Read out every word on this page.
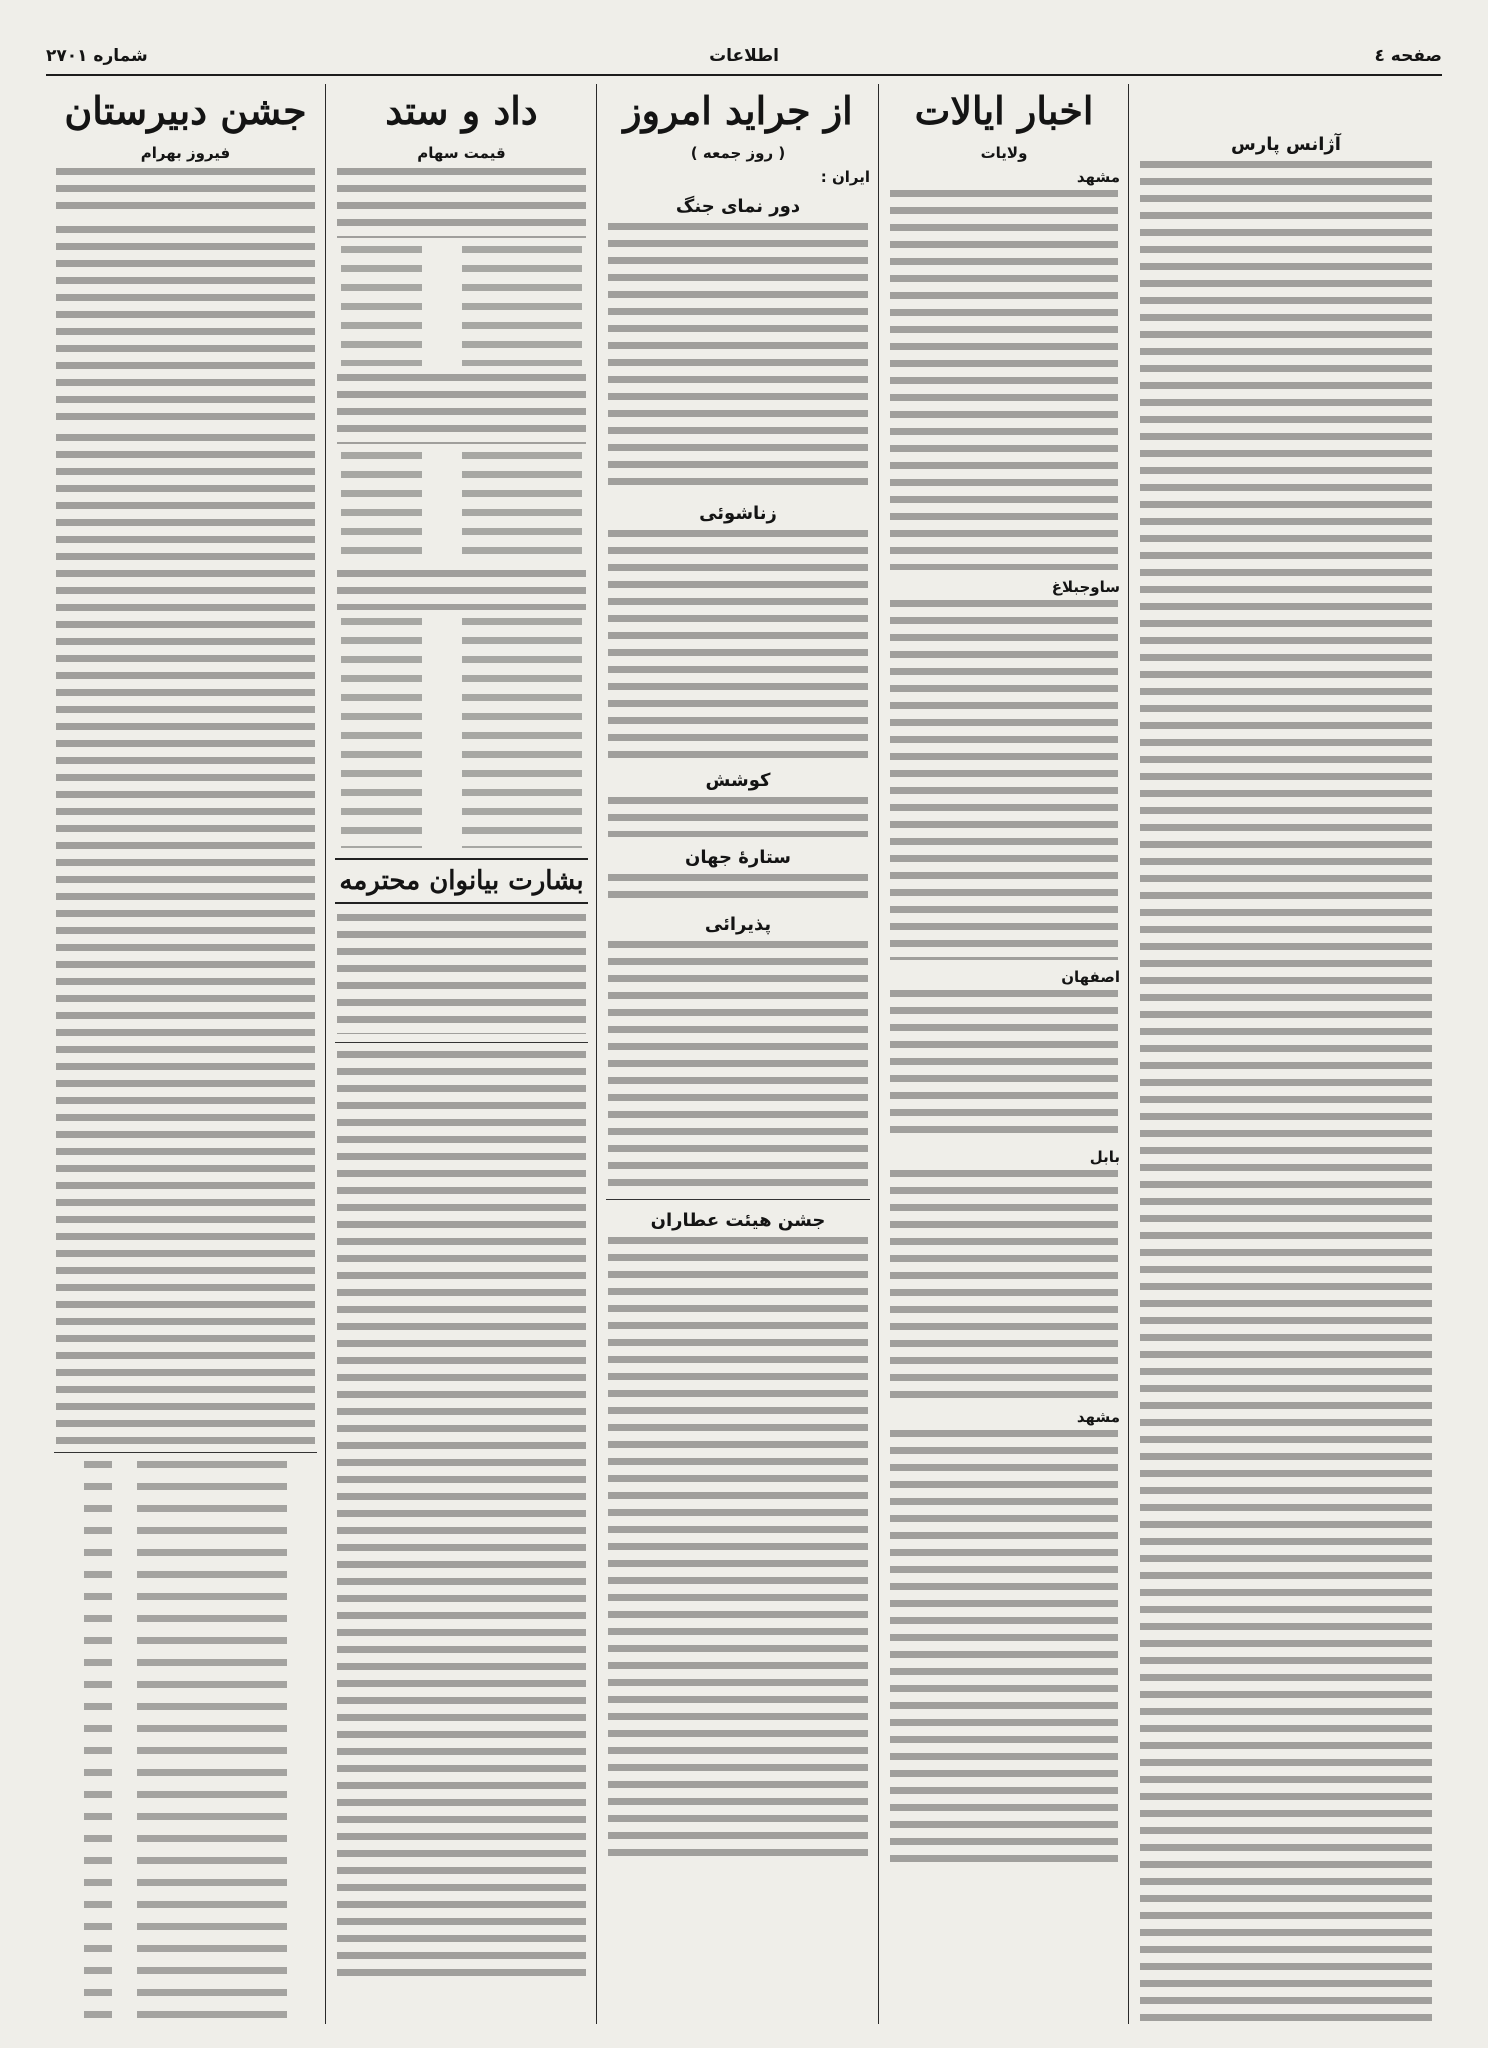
صفحه ٤
اطلاعات
شماره ۲۷۰۱
آژانس پارس
اخبار ایالات
ولایات
مشهد
ساوجبلاغ
اصفهان
بابل
مشهد
از جراید امروز
( روز جمعه )
ایران :
دور نمای جنگ
زناشوئی
کوشش
ستارهٔ جهان
پذیرائی
جشن هیئت عطاران
داد و ستد
قیمت سهام
بشارت بیانوان محترمه
جشن دبیرستان
فیروز بهرام
